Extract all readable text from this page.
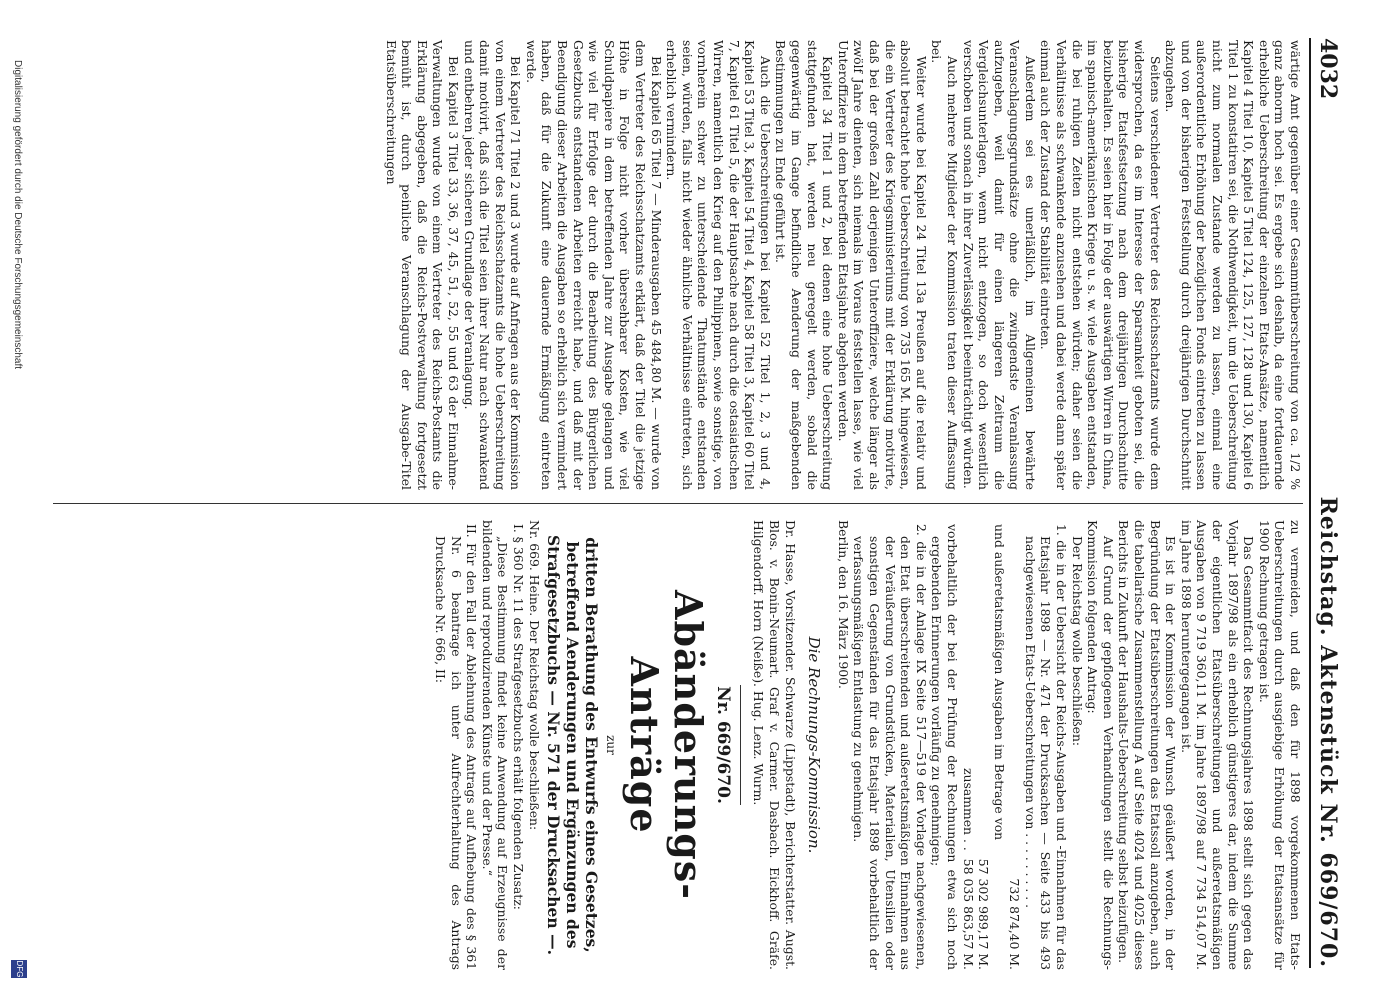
4032
Reichstag. Aktenstück Nr. 669/670.

wärtige Amt gegenüber einer Gesammtüberschreitung von ca. 1/2 % ganz abnorm hoch sei. Es ergebe sich deshalb, da eine fortdauernde erhebliche Ueberschreitung der einzelnen Etats-Ansätze, namentlich Kapitel 4 Titel 10, Kapitel 5 Titel 124, 125, 127, 128 und 130, Kapitel 6 Titel 1 zu konstatiren sei, die Nothwendigkeit, um die Ueberschreitung nicht zum normalen Zustande werden zu lassen, einmal eine außerordentliche Erhöhung der bezüglichen Fonds eintreten zu lassen und von der bisherigen Feststellung durch dreijährigen Durchschnitt abzugehen.

Seitens verschiedener Vertreter des Reichsschatzamts wurde dem widersprochen, da es im Interesse der Sparsamkeit geboten sei, die bisherige Etatsfestsetzung nach dem dreijährigen Durchschnitte beizubehalten. Es seien hier in Folge der auswärtigen Wirren in China, im spanisch-amerikanischen Kriege u. s. w. viele Ausgaben entstanden, die bei ruhigen Zeiten nicht entstehen würden; daher seien die Verhältnisse als schwankende anzusehen und dabei werde dann später einmal auch der Zustand der Stabilität eintreten.

Außerdem sei es unerläßlich, im Allgemeinen bewährte Veranschlagungsgrundsätze ohne die zwingendste Veranlassung aufzugeben, weil damit für einen längeren Zeitraum die Vergleichsunterlagen, wenn nicht entzogen, so doch wesentlich verschoben und sonach in ihrer Zuverlässigkeit beeinträchtigt würden.

Auch mehrere Mitglieder der Kommission traten dieser Auffassung bei.

Weiter wurde bei Kapitel 24 Titel 13a Preußen auf die relativ und absolut betrachtet hohe Ueberschreitung von 735 165 M. hingewiesen, die ein Vertreter des Kriegsministeriums mit der Erklärung motivirte, daß bei der großen Zahl derjenigen Unteroffiziere, welche länger als zwölf Jahre dienten, sich niemals im Voraus feststellen lasse, wie viel Unteroffiziere in dem betreffenden Etatsjahre abgehen werden.

Kapitel 34 Titel 1 und 2, bei denen eine hohe Ueberschreitung stattgefunden hat, werden neu geregelt werden, sobald die gegenwärtig im Gange befindliche Aenderung der maßgebenden Bestimmungen zu Ende geführt ist.

Auch die Ueberschreitungen bei Kapitel 52 Titel 1, 2, 3 und 4, Kapitel 53 Titel 3, Kapitel 54 Titel 4, Kapitel 58 Titel 3, Kapitel 60 Titel 7, Kapitel 61 Titel 5, die der Hauptsache nach durch die ostasiatischen Wirren, namentlich den Krieg auf den Philippinen, sowie sonstige, von vornherein schwer zu unterscheidende Thatumstände entstanden seien, würden, falls nicht wieder ähnliche Verhältnisse eintreten, sich erheblich vermindern.

Bei Kapitel 65 Titel 7 — Minderausgaben 45 484,80 M. — wurde von dem Vertreter des Reichsschatzamts erklärt, daß der Titel die jetzige Höhe in Folge nicht vorher übersehbarer Kosten, wie viel Schuldpapiere in dem betreffenden Jahre zur Ausgabe gelangen und wie viel für Erfolge der durch die Bearbeitung des Bürgerlichen Gesetzbuchs entstandenen Arbeiten erreicht habe, und daß mit der Beendigung dieser Arbeiten die Ausgaben so erheblich sich vermindert haben, daß für die Zukunft eine dauernde Ermäßigung eintreten werde.

Bei Kapitel 71 Titel 2 und 3 wurde auf Anfragen aus der Kommission von einem Vertreter des Reichsschatzamts die hohe Ueberschreitung damit motivirt, daß sich die Titel seien ihrer Natur nach schwankend und entbehren jeder sicheren Grundlage der Veranlagung.

Bei Kapitel 3 Titel 33, 36, 37, 45, 51, 52, 55 und 63 der Einnahme-Verwaltungen wurde von einem Vertreter des Reichs-Postamts die Erklärung abgegeben, daß die Reichs-Postverwaltung fortgesetzt bemüht ist, durch peinliche Veranschlagung der Ausgabe-Titel Etatsüberschreitungen

zu vermeiden, und daß den für 1898 vorgekommenen Etats-Ueberschreitungen durch ausgiebige Erhöhung der Etatsansätze für 1900 Rechnung getragen ist.

Das Gesammtfacit des Rechnungsjahres 1898 stellt sich gegen das Vorjahr 1897/98 als ein erheblich günstigeres dar, indem die Summe der eigentlichen Etatsüberschreitungen und außeretatsmäßigen Ausgaben von 9 719 360,11 M. im Jahre 1897/98 auf 7 734 514,07 M. im Jahre 1898 heruntergegangen ist.

Es ist in der Kommission der Wunsch geäußert worden, in der Begründung der Etatsüberschreitungen das Etatssoll anzugeben, auch die tabellarische Zusammenstellung A auf Seite 4024 und 4025 dieses Berichts in Zukunft der Haushalts-Ueberschreitung selbst beizufügen.

Auf Grund der gepflogenen Verhandlungen stellt die Rechnungs-Kommission folgenden Antrag:

Der Reichstag wolle beschließen:

1. die in der Uebersicht der Reichs-Ausgaben und -Einnahmen für das Etatsjahr 1898 — Nr. 471 der Drucksachen — Seite 433 bis 493 nachgewiesenen Etats-Ueberschreitungen von . . . . . . . . . .

732 874,40 M.

und außeretatsmäßigen Ausgaben im Betrage von

57 302 989,17 M.
zusammen . .
58 035 863,57 M.

vorbehaltlich der bei der Prüfung der Rechnungen etwa sich noch ergebenden Erinnerungen vorläufig zu genehmigen;

2. die in der Anlage IX Seite 517—519 der Vorlage nachgewiesenen, den Etat überschreitenden und außeretatsmäßigen Einnahmen aus der Veräußerung von Grundstücken, Materialien, Utensilien oder sonstigen Gegenständen für das Etatsjahr 1898 vorbehaltlich der verfassungsmäßigen Entlastung zu genehmigen.

Berlin, den 16. März 1900.

Die Rechnungs-Kommission.

Dr. Hasse, Vorsitzender. Schwarze (Lippstadt), Berichterstatter. Augst. Blos. v. Bonin-Neumart. Graf v. Carmer. Dasbach. Eickhoff. Gräfe. Hilgendorff. Horn (Neiße). Hug. Lenz. Wurm.

Nr. 669/670.
Abänderungs-Anträge
zur
dritten Berathung des Entwurfs eines Gesetzes, betreffend Aenderungen und Ergänzungen des Strafgesetzbuchs — Nr. 571 der Drucksachen —.

Nr. 669. Heine. Der Reichstag wolle beschließen:

I. § 360 Nr. 11 des Strafgesetzbuchs erhält folgenden Zusatz:

„Diese Bestimmung findet keine Anwendung auf Erzeugnisse der bildenden und reproduzirenden Künste und der Presse.“

II. Für den Fall der Ablehnung des Antrags auf Aufhebung des § 361 Nr. 6 beantrage ich unter Aufrechterhaltung des Antrags Drucksache Nr. 666, II:

Digitalisierung gefördert durch die Deutsche Forschungsgemeinschaft
DFG
